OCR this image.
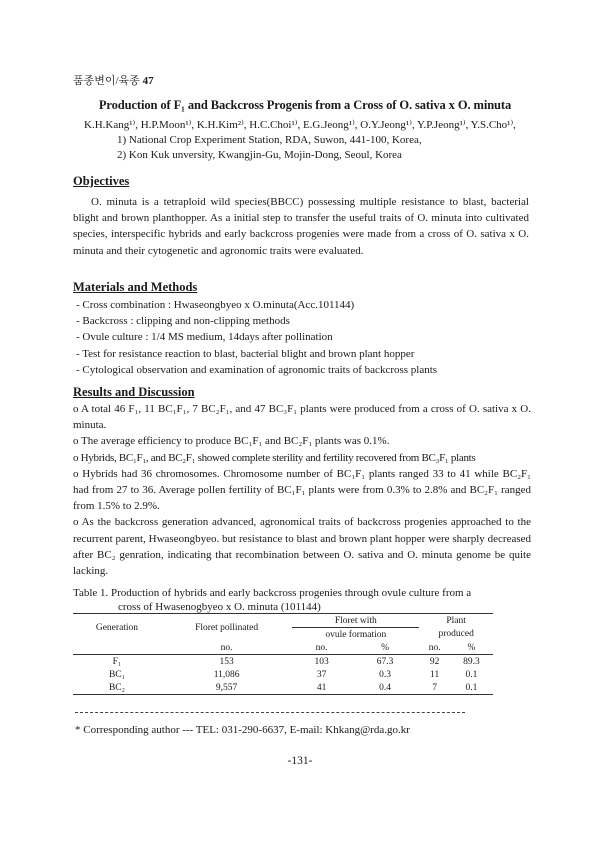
품종변이/육종 47
Production of F₁ and Backcross Progenis from a Cross of O. sativa x O. minuta
K.H.Kang¹⁾, H.P.Moon¹⁾, K.H.Kim²⁾, H.C.Choi¹⁾, E.G.Jeong¹⁾, O.Y.Jeong¹⁾, Y.P.Jeong¹⁾, Y.S.Cho¹⁾,
1) National Crop Experiment Station, RDA, Suwon, 441-100, Korea,
2) Kon Kuk unversity, Kwangjin-Gu, Mojin-Dong, Seoul, Korea
Objectives

O. minuta is a tetraploid wild species(BBCC) possessing multiple resistance to blast, bacterial blight and brown planthopper. As a initial step to transfer the useful traits of O. minuta into cultivated species, interspecific hybrids and early backcross progenies were made from a cross of O. sativa x O. minuta and their cytogenetic and agronomic traits were evaluated.

Materials and Methods
- Cross combination : Hwaseongbyeo x O.minuta(Acc.101144)
- Backcross : clipping and non-clipping methods
- Ovule culture : 1/4 MS medium, 14days after pollination
- Test for resistance reaction to blast, bacterial blight and brown plant hopper
- Cytological observation and examination of agronomic traits of backcross plants
Results and Discussion
o A total 46 F₁, 11 BC₁F₁, 7 BC₂F₁, and 47 BC₃F₁ plants were produced from a cross of O. sativa x O. minuta.
o The average efficiency to produce BC₁F₁ and BC₂F₁ plants was 0.1%.
o Hybrids, BC₁F₁, and BC₂F₁ showed complete sterility and fertility recovered from BC₃F₁ plants
o Hybrids had 36 chromosomes. Chromosome number of BC₁F₁ plants ranged 33 to 41 while BC₂F₁ had from 27 to 36. Average pollen fertility of BC₁F₁ plants were from 0.3% to 2.8% and BC₂F₁ ranged from 1.5% to 2.9%.
o As the backcross generation advanced, agronomical traits of backcross progenies approached to the recurrent parent, Hwaseongbyeo. but resistance to blast and brown plant hopper were sharply decreased after BC₂ genration, indicating that recombination between O. sativa and O. minuta genome be quite lacking.
Table 1. Production of hybrids and early backcross progenies through ovule culture from a
cross of Hwasenogbyeo x O. minuta (101144)
Generation	Floret pollinated	Floret with		Plant	
		ovule formation		produced	
	no.	no.	%	no.	%
F₁	153	103	67.3	92	89.3
BC₁	11,086	37	0.3	11	0.1
BC₂	9,557	41	0.4	7	0.1
* Corresponding author --- TEL: 031-290-6637, E-mail: Khkang@rda.go.kr
-131-
